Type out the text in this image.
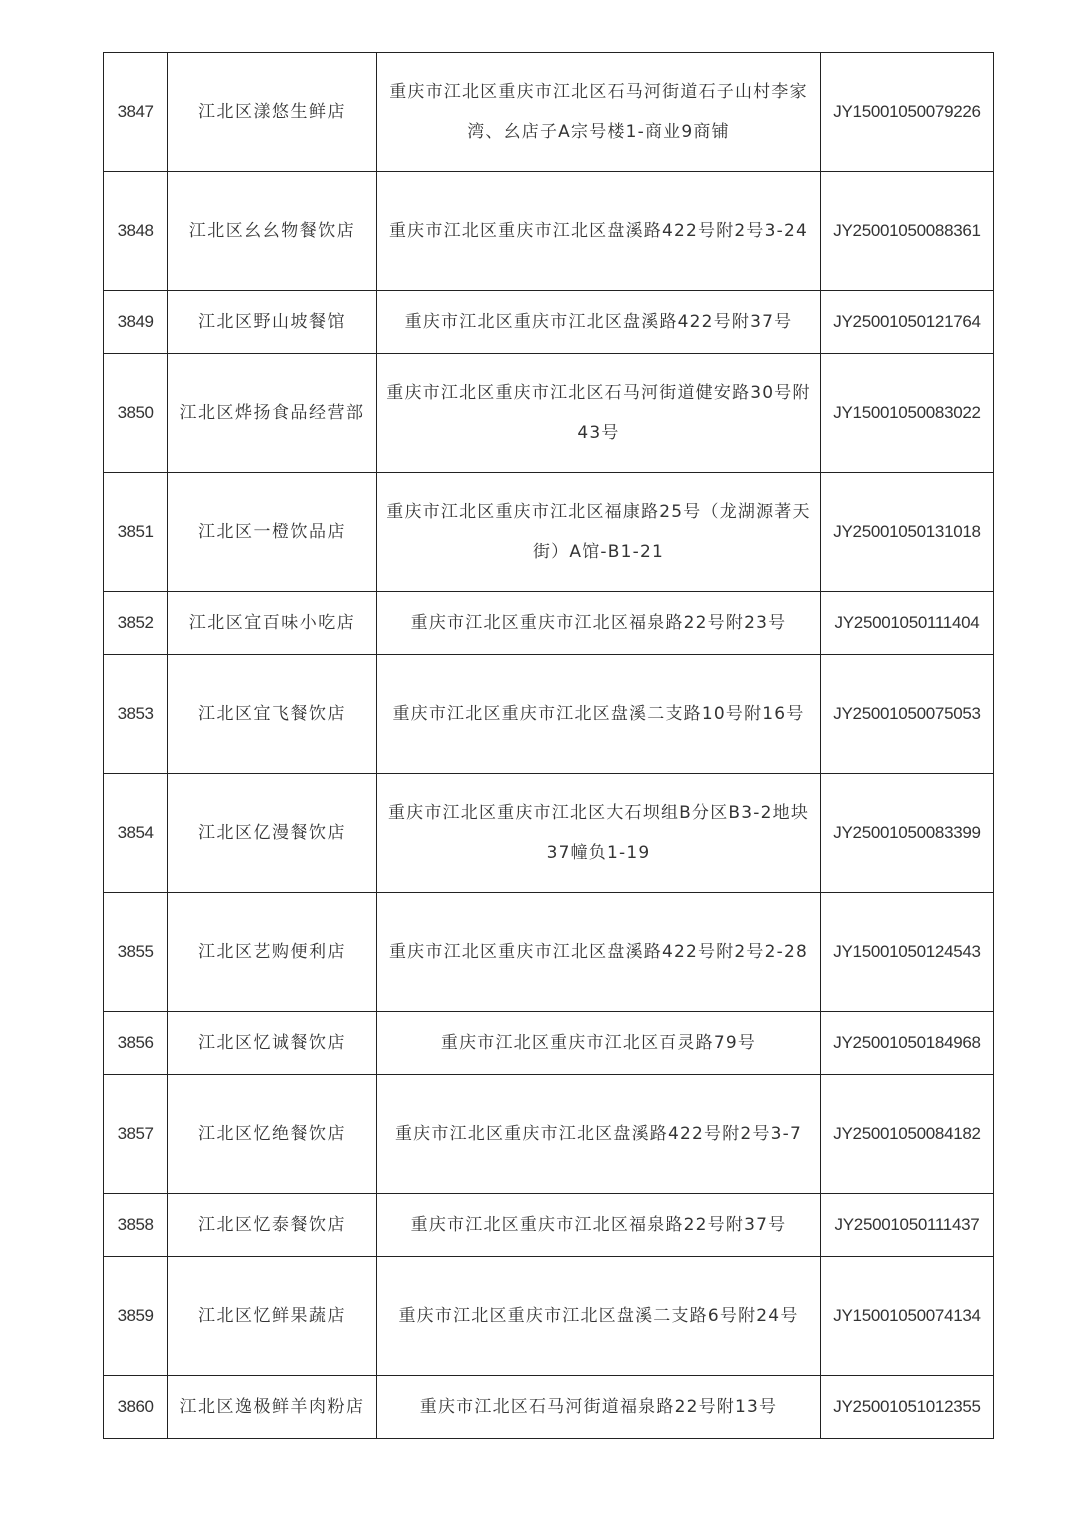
3847	江北区漾悠生鲜店	重庆市江北区重庆市江北区石马河街道石子山村李家湾、幺店子A宗号楼1-商业9商铺	JY15001050079226
3848	江北区幺幺物餐饮店	重庆市江北区重庆市江北区盘溪路422号附2号3-24	JY25001050088361
3849	江北区野山坡餐馆	重庆市江北区重庆市江北区盘溪路422号附37号	JY25001050121764
3850	江北区烨扬食品经营部	重庆市江北区重庆市江北区石马河街道健安路30号附43号	JY15001050083022
3851	江北区一橙饮品店	重庆市江北区重庆市江北区福康路25号（龙湖源著天街）A馆-B1-21	JY25001050131018
3852	江北区宜百味小吃店	重庆市江北区重庆市江北区福泉路22号附23号	JY25001050111404
3853	江北区宜飞餐饮店	重庆市江北区重庆市江北区盘溪二支路10号附16号	JY25001050075053
3854	江北区亿漫餐饮店	重庆市江北区重庆市江北区大石坝组B分区B3-2地块37幢负1-19	JY25001050083399
3855	江北区艺购便利店	重庆市江北区重庆市江北区盘溪路422号附2号2-28	JY15001050124543
3856	江北区忆诚餐饮店	重庆市江北区重庆市江北区百灵路79号	JY25001050184968
3857	江北区忆绝餐饮店	重庆市江北区重庆市江北区盘溪路422号附2号3-7	JY25001050084182
3858	江北区忆泰餐饮店	重庆市江北区重庆市江北区福泉路22号附37号	JY25001050111437
3859	江北区忆鲜果蔬店	重庆市江北区重庆市江北区盘溪二支路6号附24号	JY15001050074134
3860	江北区逸极鲜羊肉粉店	重庆市江北区石马河街道福泉路22号附13号	JY25001051012355
